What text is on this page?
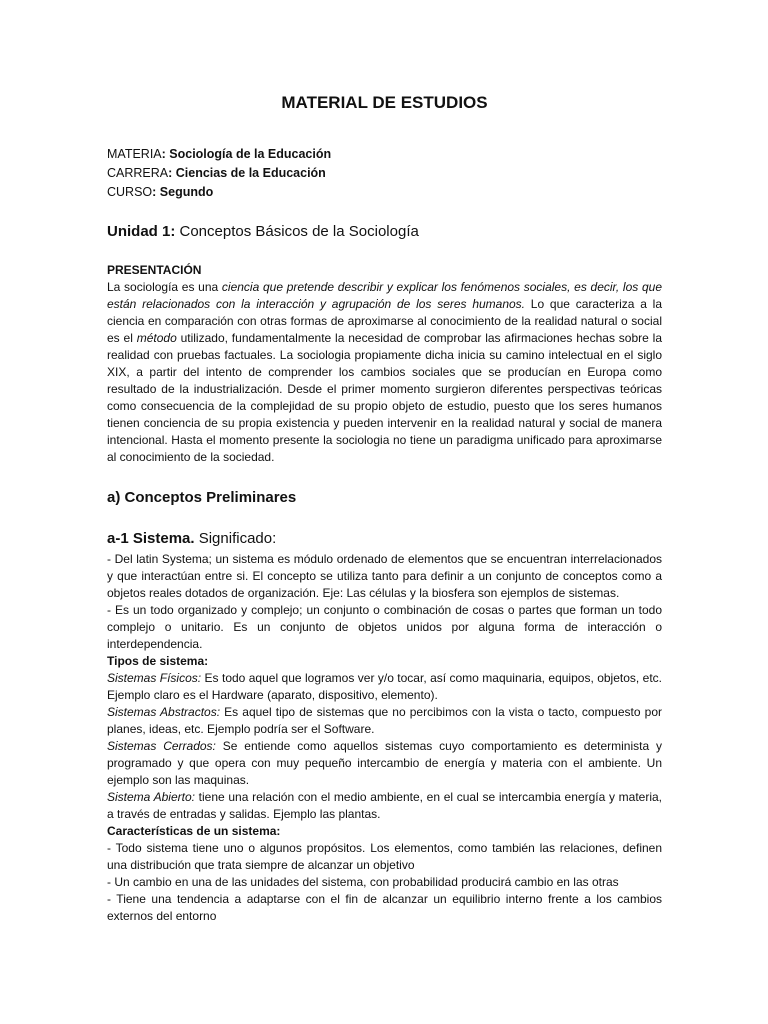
MATERIAL DE ESTUDIOS
MATERIA: Sociología de la Educación
CARRERA: Ciencias de la Educación
CURSO: Segundo
Unidad 1: Conceptos Básicos de la Sociología
PRESENTACIÓN

La sociología es una ciencia que pretende describir y explicar los fenómenos sociales, es decir, los que están relacionados con la interacción y agrupación de los seres humanos. Lo que caracteriza a la ciencia en comparación con otras formas de aproximarse al conocimiento de la realidad natural o social es el método utilizado, fundamentalmente la necesidad de comprobar las afirmaciones hechas sobre la realidad con pruebas factuales. La sociologia propiamente dicha inicia su camino intelectual en el siglo XIX, a partir del intento de comprender los cambios sociales que se producían en Europa como resultado de la industrialización. Desde el primer momento surgieron diferentes perspectivas teóricas como consecuencia de la complejidad de su propio objeto de estudio, puesto que los seres humanos tienen conciencia de su propia existencia y pueden intervenir en la realidad natural y social de manera intencional. Hasta el momento presente la sociologia no tiene un paradigma unificado para aproximarse al conocimiento de la sociedad.

a) Conceptos Preliminares
a-1 Sistema. Significado:

- Del latin Systema; un sistema es módulo ordenado de elementos que se encuentran interrelacionados y que interactúan entre si. El concepto se utiliza tanto para definir a un conjunto de conceptos como a objetos reales dotados de organización. Eje: Las células y la biosfera son ejemplos de sistemas.

- Es un todo organizado y complejo; un conjunto o combinación de cosas o partes que forman un todo complejo o unitario. Es un conjunto de objetos unidos por alguna forma de interacción o interdependencia.

Tipos de sistema:

Sistemas Físicos: Es todo aquel que logramos ver y/o tocar, así como maquinaria, equipos, objetos, etc. Ejemplo claro es el Hardware (aparato, dispositivo, elemento).

Sistemas Abstractos: Es aquel tipo de sistemas que no percibimos con la vista o tacto, compuesto por planes, ideas, etc. Ejemplo podría ser el Software.

Sistemas Cerrados: Se entiende como aquellos sistemas cuyo comportamiento es determinista y programado y que opera con muy pequeño intercambio de energía y materia con el ambiente. Un ejemplo son las maquinas.

Sistema Abierto: tiene una relación con el medio ambiente, en el cual se intercambia energía y materia, a través de entradas y salidas. Ejemplo las plantas.

Características de un sistema:

- Todo sistema tiene uno o algunos propósitos. Los elementos, como también las relaciones, definen una distribución que trata siempre de alcanzar un objetivo

- Un cambio en una de las unidades del sistema, con probabilidad producirá cambio en las otras

- Tiene una tendencia a adaptarse con el fin de alcanzar un equilibrio interno frente a los cambios externos del entorno
